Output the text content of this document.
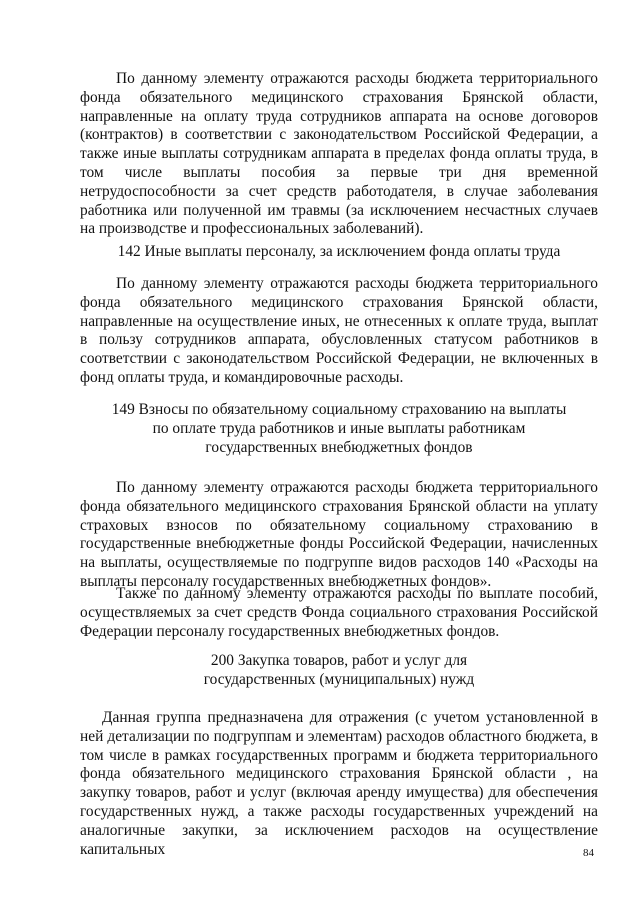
По данному элементу отражаются расходы бюджета территориального фонда обязательного медицинского страхования Брянской области, направленные на оплату труда сотрудников аппарата на основе договоров (контрактов) в соответствии с законодательством Российской Федерации, а также иные выплаты сотрудникам аппарата в пределах фонда оплаты труда, в том числе выплаты пособия за первые три дня временной нетрудоспособности за счет средств работодателя, в случае заболевания работника или полученной им травмы (за исключением несчастных случаев на производстве и профессиональных заболеваний).

142 Иные выплаты персоналу, за исключением фонда оплаты труда

По данному элементу отражаются расходы бюджета территориального фонда обязательного медицинского страхования Брянской области, направленные на осуществление иных, не отнесенных к оплате труда, выплат в пользу сотрудников аппарата, обусловленных статусом работников в соответствии с законодательством Российской Федерации, не включенных в фонд оплаты труда, и командировочные расходы.

149 Взносы по обязательному социальному страхованию на выплаты
по оплате труда работников и иные выплаты работникам
государственных внебюджетных фондов

По данному элементу отражаются расходы бюджета территориального фонда обязательного медицинского страхования Брянской области на уплату страховых взносов по обязательному социальному страхованию в государственные внебюджетные фонды Российской Федерации, начисленных на выплаты, осуществляемые по подгруппе видов расходов 140 «Расходы на выплаты персоналу государственных внебюджетных фондов».

Также по данному элементу отражаются расходы по выплате пособий, осуществляемых за счет средств Фонда социального страхования Российской Федерации персоналу государственных внебюджетных фондов.

200 Закупка товаров, работ и услуг для
государственных (муниципальных) нужд

Данная группа предназначена для отражения (с учетом установленной в ней детализации по подгруппам и элементам) расходов областного бюджета, в том числе в рамках государственных программ и бюджета территориального фонда обязательного медицинского страхования Брянской области , на закупку товаров, работ и услуг (включая аренду имущества) для обеспечения государственных нужд, а также расходы государственных учреждений на аналогичные закупки, за исключением расходов на осуществление капитальных	84
